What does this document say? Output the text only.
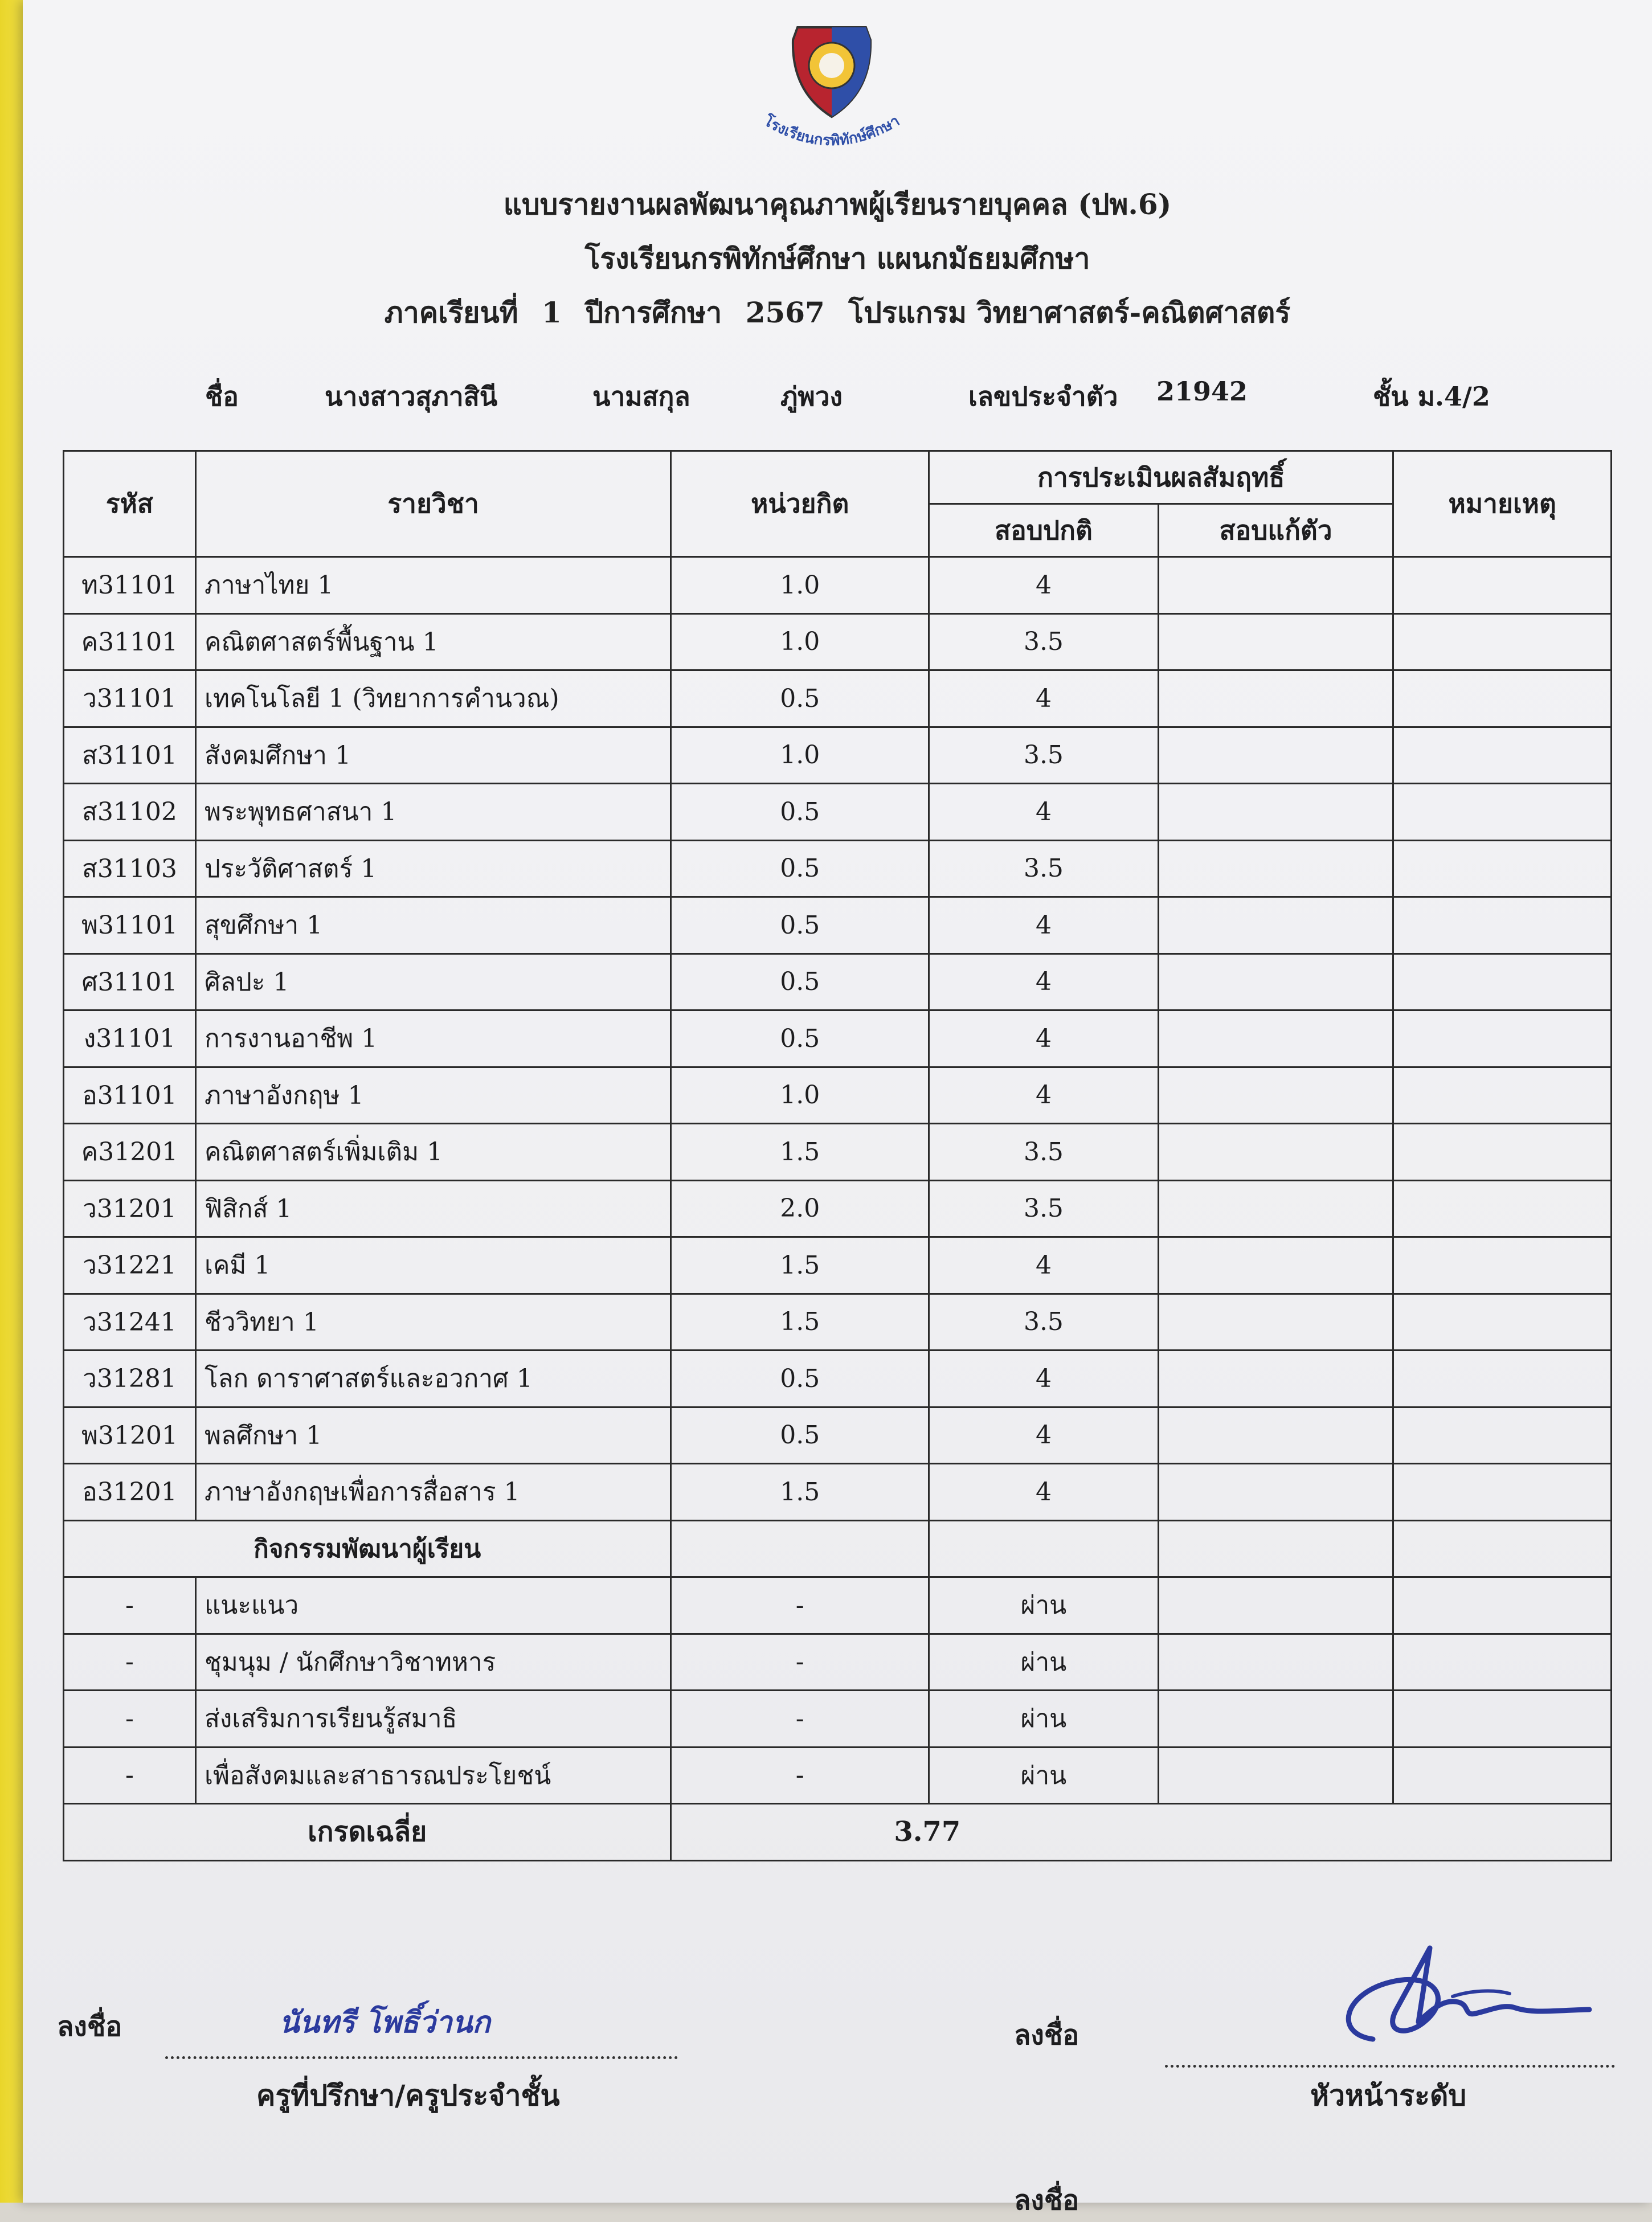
โรงเรียนกรพิทักษ์ศึกษา
แบบรายงานผลพัฒนาคุณภาพผู้เรียนรายบุคคล (ปพ.6)
โรงเรียนกรพิทักษ์ศึกษา แผนกมัธยมศึกษา
ภาคเรียนที่ 1 ปีการศึกษา 2567 โปรแกรม วิทยาศาสตร์-คณิตศาสตร์
ชื่อ	นางสาวสุภาสินี	นามสกุล	ภู่พวง	เลขประจำตัว 21942	ชั้น ม.4/2
รหัส	รายวิชา	หน่วยกิต	การประเมินผลสัมฤทธิ์		หมายเหตุ
			สอบปกติ	สอบแก้ตัว	
ท31101	ภาษาไทย 1	1.0	4		
ค31101	คณิตศาสตร์พื้นฐาน 1	1.0	3.5		
ว31101	เทคโนโลยี 1 (วิทยาการคำนวณ)	0.5	4		
ส31101	สังคมศึกษา 1	1.0	3.5		
ส31102	พระพุทธศาสนา 1	0.5	4		
ส31103	ประวัติศาสตร์ 1	0.5	3.5		
พ31101	สุขศึกษา 1	0.5	4		
ศ31101	ศิลปะ 1	0.5	4		
ง31101	การงานอาชีพ 1	0.5	4		
อ31101	ภาษาอังกฤษ 1	1.0	4		
ค31201	คณิตศาสตร์เพิ่มเติม 1	1.5	3.5		
ว31201	ฟิสิกส์ 1	2.0	3.5		
ว31221	เคมี 1	1.5	4		
ว31241	ชีววิทยา 1	1.5	3.5		
ว31281	โลก ดาราศาสตร์และอวกาศ 1	0.5	4		
พ31201	พลศึกษา 1	0.5	4		
อ31201	ภาษาอังกฤษเพื่อการสื่อสาร 1	1.5	4		
กิจกรรมพัฒนาผู้เรียน					
-	แนะแนว	-	ผ่าน		
-	ชุมนุม / นักศึกษาวิชาทหาร	-	ผ่าน		
-	ส่งเสริมการเรียนรู้สมาธิ	-	ผ่าน		
-	เพื่อสังคมและสาธารณประโยชน์	-	ผ่าน		
เกรดเฉลี่ย		3.77			
ลงชื่อ	นันทรี โพธิ์ว่านก
ครูที่ปรึกษา/ครูประจำชั้น
ลงชื่อ
หัวหน้าระดับ
ลงชื่อ
